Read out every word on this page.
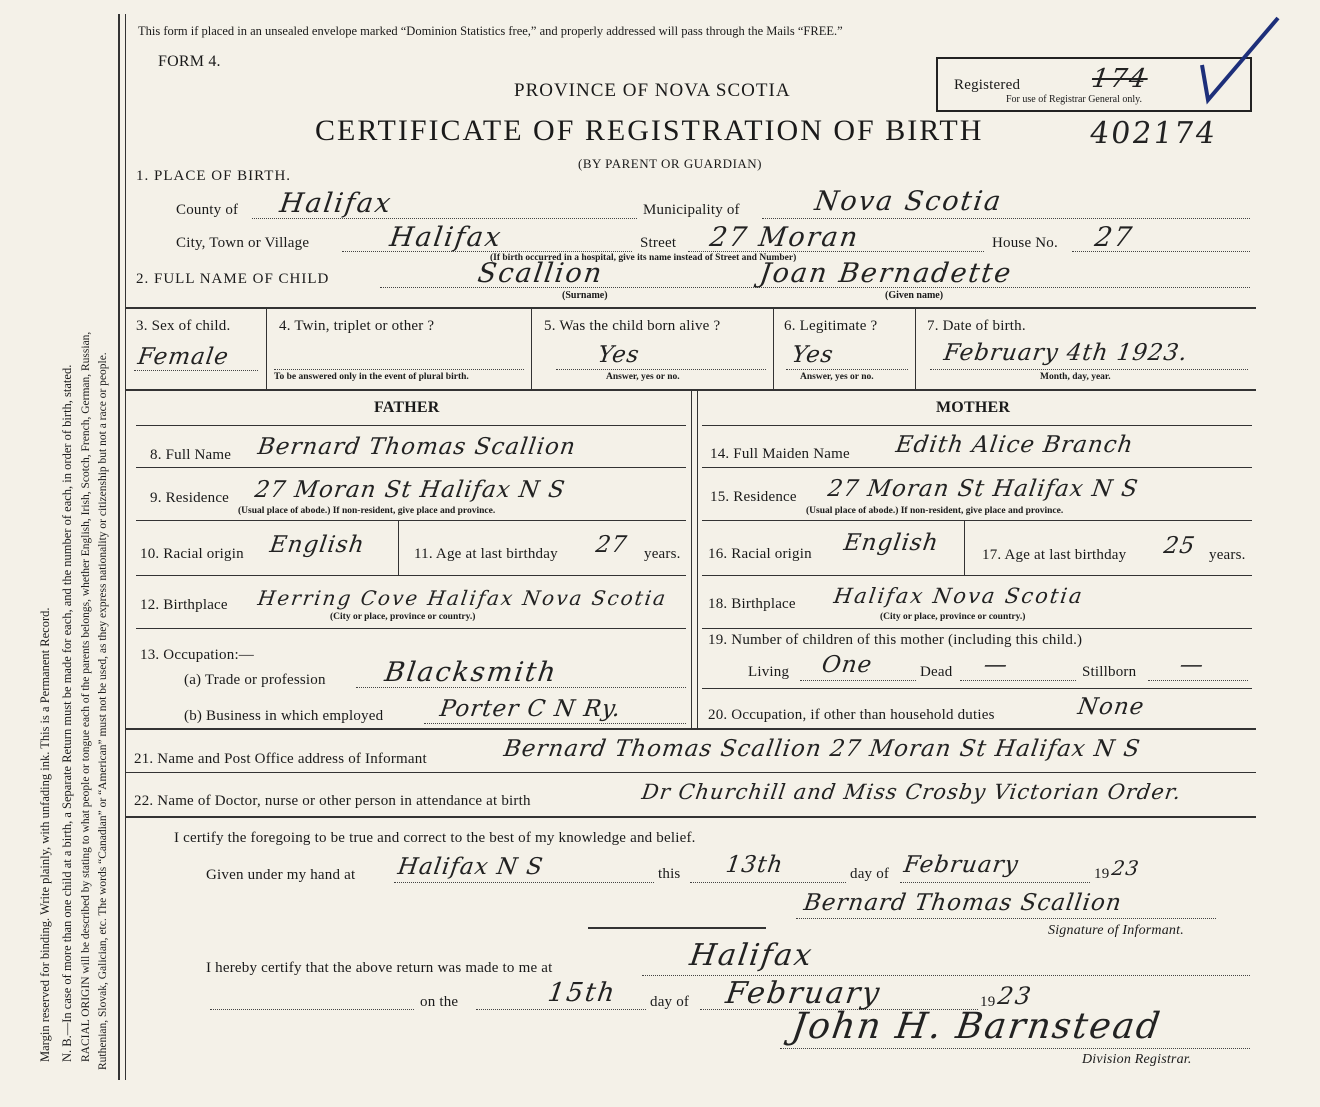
Margin reserved for binding. Write plainly, with unfading ink. This is a Permanent Record. N. B.—In case of more than one child at a birth, a Separate Return must be made for each, and the number of each, in order of birth, stated. RACIAL ORIGIN will be described by stating to what people or tongue each of the parents belongs, whether English, Irish, Scotch, French, German, Russian, Ruthenian, Slovak, Galician, etc. The words “Canadian” or “American” must not be used, as they express nationality or citizenship but not a race or people.
This form if placed in an unsealed envelope marked “Dominion Statistics free,” and properly addressed will pass through the Mails “FREE.”
FORM 4.
PROVINCE OF NOVA SCOTIA
CERTIFICATE OF REGISTRATION OF BIRTH	402174
(BY PARENT OR GUARDIAN)
Registered	174
For use of Registrar General only.
1. PLACE OF BIRTH.
County of Halifax	Municipality of	Nova Scotia
City, Town or Village	Halifax	Street 27 Moran	House No. 27
(If birth occurred in a hospital, give its name instead of Street and Number)
2. FULL NAME OF CHILD	Scallion
(Surname)
Joan Bernadette
(Given name)
3. Sex of child.
Female
4. Twin, triplet or other ?
To be answered only in the event of plural birth.
5. Was the child born alive ?
Yes
Answer, yes or no.
6. Legitimate ?
Yes
Answer, yes or no.
7. Date of birth.
February 4th 1923.
Month, day, year.
FATHER
8. Full Name Bernard Thomas Scallion
9. Residence 27 Moran St Halifax N S
(Usual place of abode.) If non-resident, give place and province.
10. Racial origin English	11. Age at last birthday 27 years.
12. Birthplace Herring Cove Halifax Nova Scotia
(City or place, province or country.)
13. Occupation:—
(a) Trade or profession Blacksmith
(b) Business in which employed Porter C N Ry.
MOTHER
14. Full Maiden Name Edith Alice Branch
15. Residence 27 Moran St Halifax N S
(Usual place of abode.) If non-resident, give place and province.
16. Racial origin English	17. Age at last birthday 25 years.
18. Birthplace Halifax Nova Scotia
(City or place, province or country.)
19. Number of children of this mother (including this child.)
Living One	Dead —	Stillborn —
20. Occupation, if other than household duties	None
21. Name and Post Office address of Informant	Bernard Thomas Scallion 27 Moran St Halifax N S
22. Name of Doctor, nurse or other person in attendance at birth	Dr Churchill and Miss Crosby Victorian Order.
I certify the foregoing to be true and correct to the best of my knowledge and belief.
Given under my hand at Halifax N S	this 13th	day of February	19 23
Bernard Thomas Scallion
Signature of Informant.
I hereby certify that the above return was made to me at	Halifax
on the	15th day of February	19 23
John H. Barnstead
Division Registrar.
